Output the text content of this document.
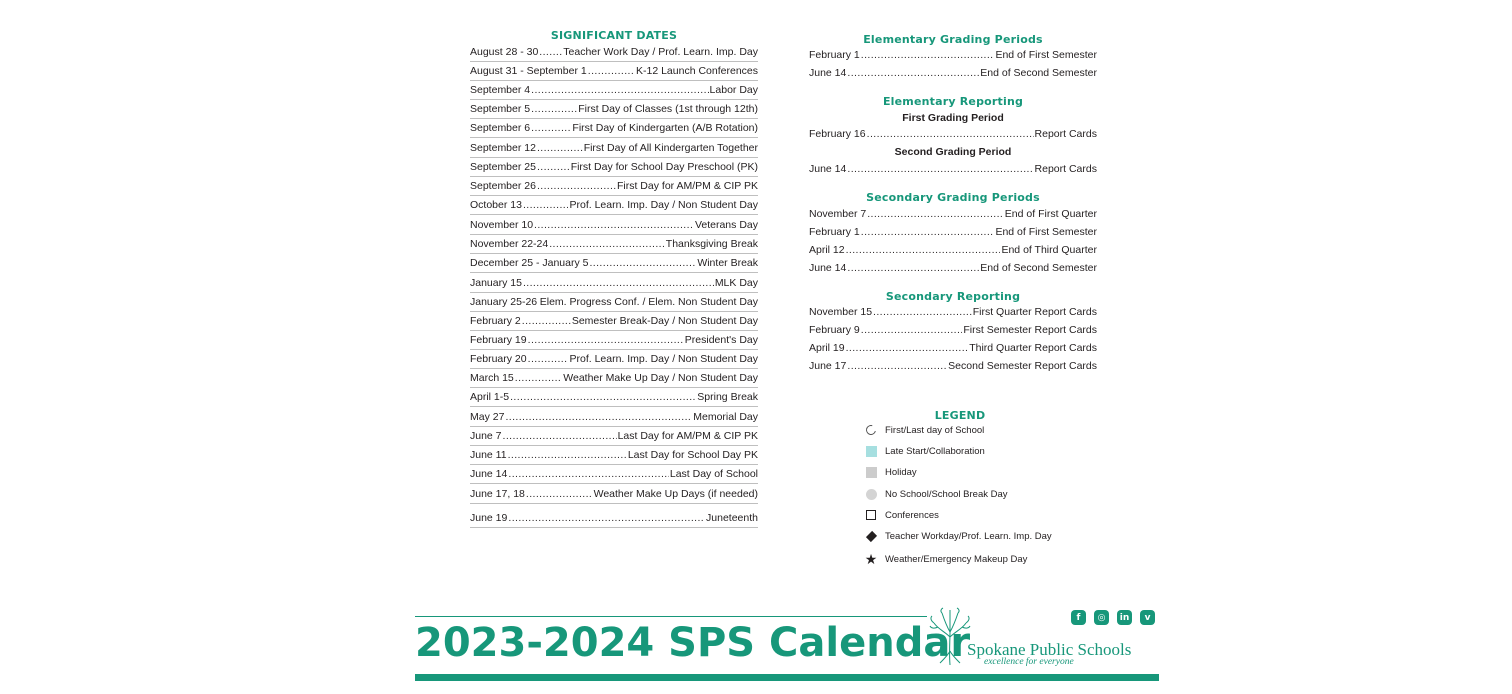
SIGNIFICANT DATES
August 28 - 30 ..... Teacher Work Day / Prof. Learn. Imp. Day
August 31 - September 1 .....	K-12 Launch Conferences
September 4 .....	Labor Day
September 5 .....	First Day of Classes (1st through 12th)
September 6 .....	First Day of Kindergarten (A/B Rotation)
September 12 .....	First Day of All Kindergarten Together
September 25 .....	First Day for School Day Preschool (PK)
September 26 .....	First Day for AM/PM & CIP PK
October 13 .....	Prof. Learn. Imp. Day / Non Student Day
November 10 .....	Veterans Day
November 22-24 .....	Thanksgiving Break
December 25 - January 5 .....	Winter Break
January 15 .....	MLK Day
January 25-26 ..... Elem. Progress Conf. / Elem. Non Student Day
February 2 .....	Semester Break-Day / Non Student Day
February 19 .....	President's Day
February 20 .....	Prof. Learn. Imp. Day / Non Student Day
March 15 .....	Weather Make Up Day / Non Student Day
April 1-5 .....	Spring Break
May 27 .....	Memorial Day
June 7 .....	Last Day for AM/PM & CIP PK
June 11 .....	Last Day for School Day PK
June 14 .....	Last Day of School
June 17, 18 .....	Weather Make Up Days (if needed)
June 19 .....	Juneteenth
Elementary Grading Periods
February 1 .....	End of First Semester
June 14 .....	End of Second Semester
Elementary Reporting
First Grading Period
February 16 .....	Report Cards
Second Grading Period
June 14 .....	Report Cards
Secondary Grading Periods
November 7 .....	End of First Quarter
February 1 .....	End of First Semester
April 12 .....	End of Third Quarter
June 14 .....	End of Second Semester
Secondary Reporting
November 15 .....	First Quarter Report Cards
February 9 .....	First Semester Report Cards
April 19 .....	Third Quarter Report Cards
June 17 .....	Second Semester Report Cards
LEGEND
First/Last day of School
Late Start/Collaboration
Holiday
No School/School Break Day
Conferences
Teacher Workday/Prof. Learn. Imp. Day
★ Weather/Emergency Makeup Day
2023-2024 SPS Calendar
Spokane Public Schools
excellence for everyone
f	◎	in	v
